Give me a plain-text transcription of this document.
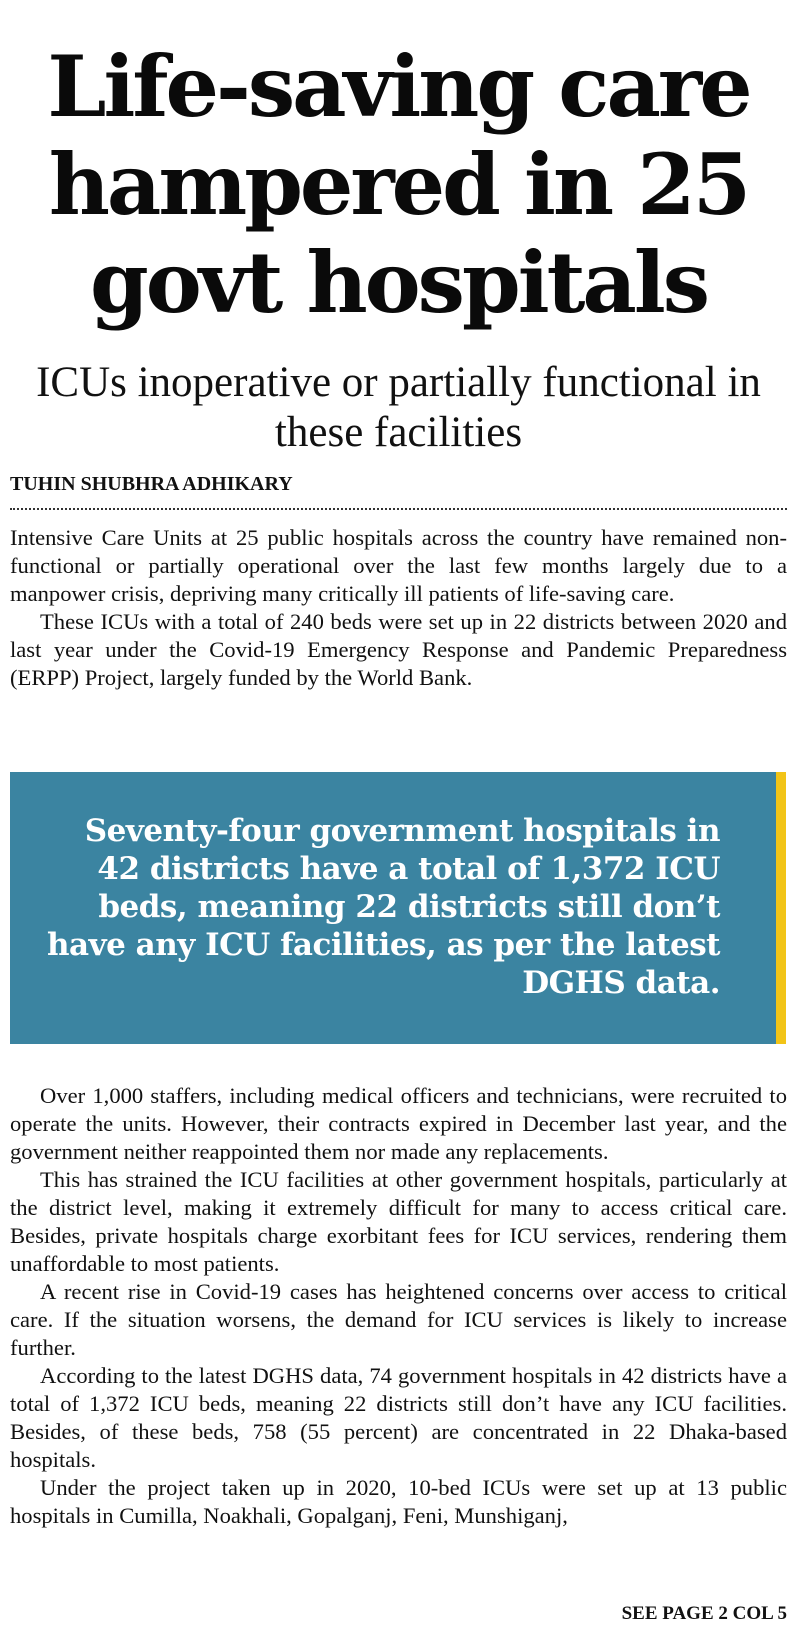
Life-saving care hampered in 25 govt hospitals
ICUs inoperative or partially functional in these facilities
TUHIN SHUBHRA ADHIKARY

Intensive Care Units at 25 public hospitals across the country have remained non-functional or partially operational over the last few months largely due to a manpower crisis, depriving many critically ill patients of life-saving care.

These ICUs with a total of 240 beds were set up in 22 districts between 2020 and last year under the Covid-19 Emergency Response and Pandemic Preparedness (ERPP) Project, largely funded by the World Bank.

Seventy-four government hospitals in 42 districts have a total of 1,372 ICU beds, meaning 22 districts still don’t have any ICU facilities, as per the latest DGHS data.

Over 1,000 staffers, including medical officers and technicians, were recruited to operate the units. However, their contracts expired in December last year, and the government neither reappointed them nor made any replacements.

This has strained the ICU facilities at other government hospitals, particularly at the district level, making it extremely difficult for many to access critical care. Besides, private hospitals charge exorbitant fees for ICU services, rendering them unaffordable to most patients.

A recent rise in Covid-19 cases has heightened concerns over access to critical care. If the situation worsens, the demand for ICU services is likely to increase further.

According to the latest DGHS data, 74 government hospitals in 42 districts have a total of 1,372 ICU beds, meaning 22 districts still don’t have any ICU facilities. Besides, of these beds, 758 (55 percent) are concentrated in 22 Dhaka-based hospitals.

Under the project taken up in 2020, 10-bed ICUs were set up at 13 public hospitals in Cumilla, Noakhali, Gopalganj, Feni, Munshiganj,

SEE PAGE 2 COL 5
